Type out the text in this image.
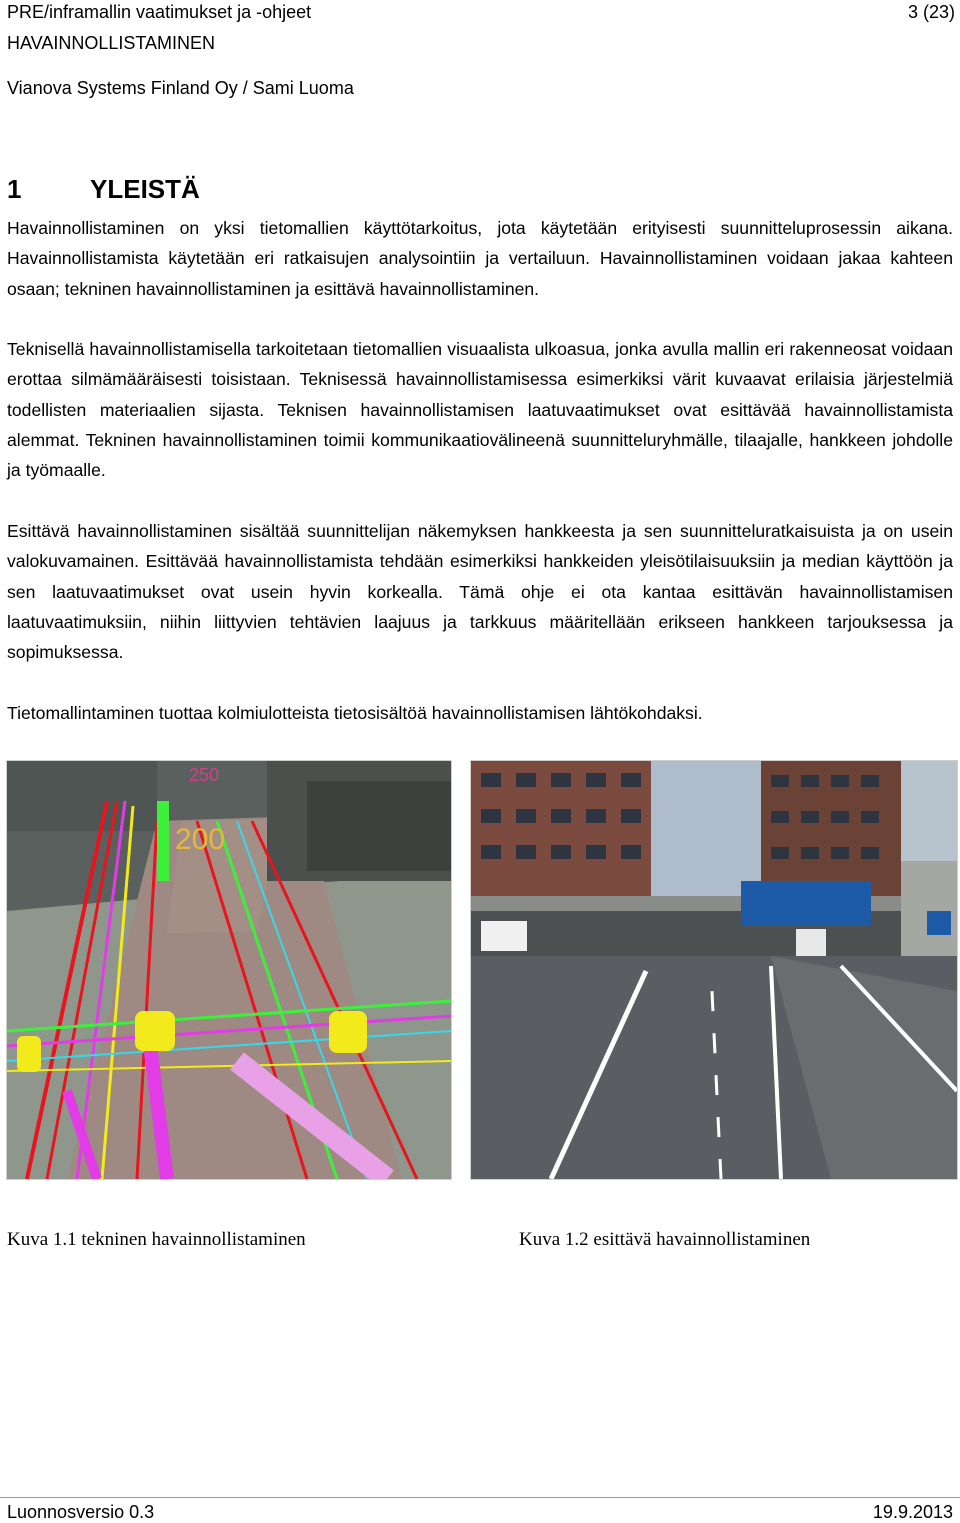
PRE/inframallin vaatimukset ja -ohjeet	3 (23)
HAVAINNOLLISTAMINEN
Vianova Systems Finland Oy / Sami Luoma
1	YLEISTÄ
Havainnollistaminen on yksi tietomallien käyttötarkoitus, jota käytetään erityisesti suunnitteluprosessin aikana. Havainnollistamista käytetään eri ratkaisujen analysointiin ja vertailuun. Havainnollistaminen voidaan jakaa kahteen osaan; tekninen havainnollistaminen ja esittävä havainnollistaminen.
Teknisellä havainnollistamisella tarkoitetaan tietomallien visuaalista ulkoasua, jonka avulla mallin eri rakenneosat voidaan erottaa silmämääräisesti toisistaan. Teknisessä havainnollistamisessa esimerkiksi värit kuvaavat erilaisia järjestelmiä todellisten materiaalien sijasta. Teknisen havainnollistamisen laatuvaatimukset ovat esittävää havainnollistamista alemmat. Tekninen havainnollistaminen toimii kommunikaatiovälineenä suunnitteluryhmälle, tilaajalle, hankkeen johdolle ja työmaalle.
Esittävä havainnollistaminen sisältää suunnittelijan näkemyksen hankkeesta ja sen suunnitteluratkaisuista ja on usein valokuvamainen. Esittävää havainnollistamista tehdään esimerkiksi hankkeiden yleisötilaisuuksiin ja median käyttöön ja sen laatuvaatimukset ovat usein hyvin korkealla. Tämä ohje ei ota kantaa esittävän havainnollistamisen laatuvaatimuksiin, niihin liittyvien tehtävien laajuus ja tarkkuus määritellään erikseen hankkeen tarjouksessa ja sopimuksessa.
Tietomallintaminen tuottaa kolmiulotteista tietosisältöä havainnollistamisen lähtökohdaksi.
250
200
Kuva 1.1 tekninen havainnollistaminen	Kuva 1.2 esittävä havainnollistaminen
Luonnosversio 0.3	19.9.2013
